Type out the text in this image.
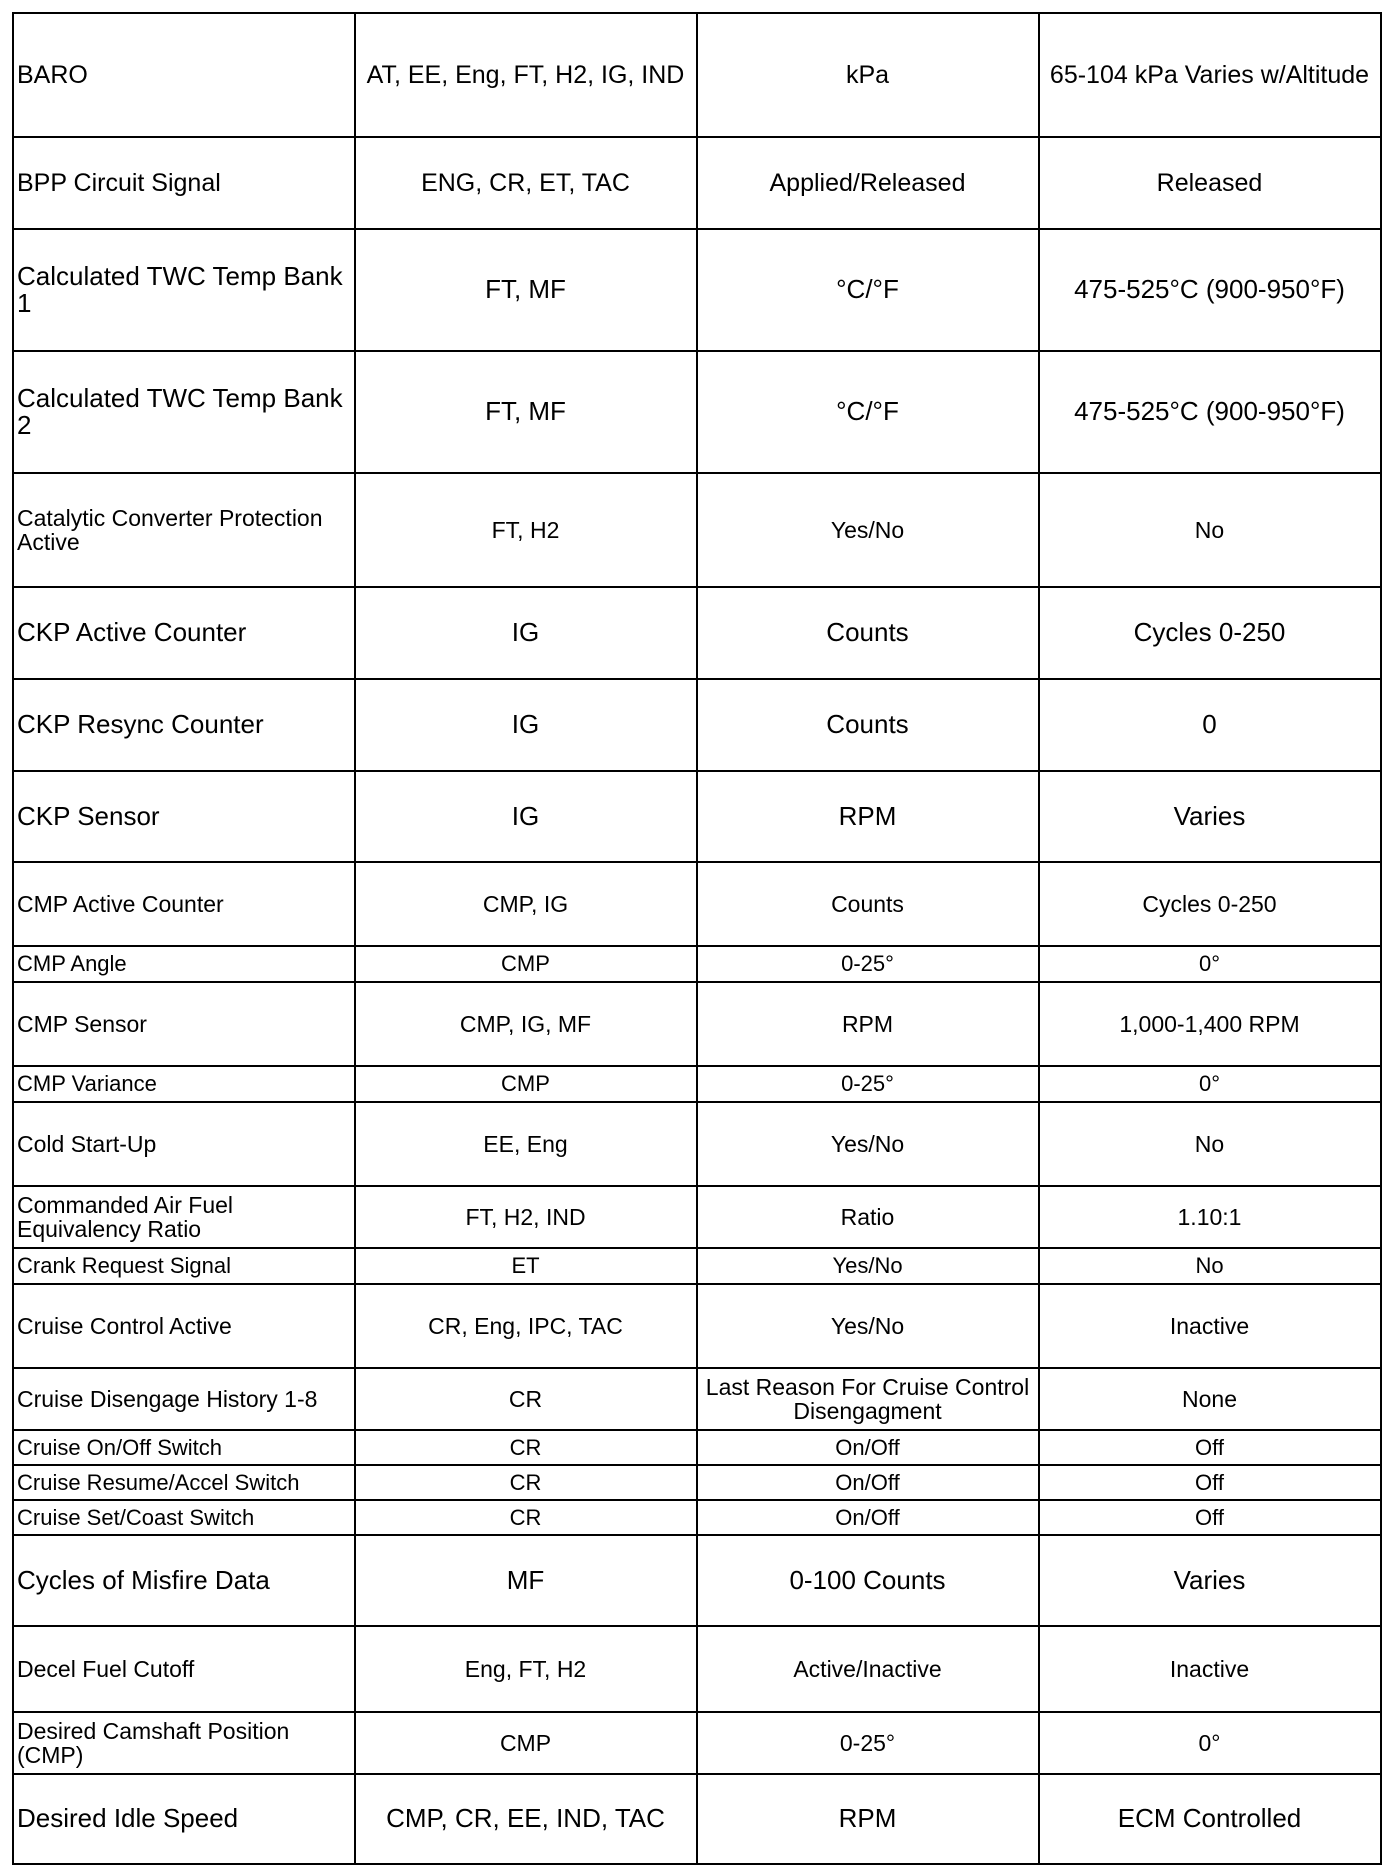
BARO	AT, EE, Eng, FT, H2, IG, IND	kPa	65-104 kPa Varies w/Altitude
BPP Circuit Signal	ENG, CR, ET, TAC	Applied/Released	Released
Calculated TWC Temp Bank 1	FT, MF	°C/°F	475-525°C (900-950°F)
Calculated TWC Temp Bank 2	FT, MF	°C/°F	475-525°C (900-950°F)
Catalytic Converter Protection Active	FT, H2	Yes/No	No
CKP Active Counter	IG	Counts	Cycles 0-250
CKP Resync Counter	IG	Counts	0
CKP Sensor	IG	RPM	Varies
CMP Active Counter	CMP, IG	Counts	Cycles 0-250
CMP Angle	CMP	0-25°	0°
CMP Sensor	CMP, IG, MF	RPM	1,000-1,400 RPM
CMP Variance	CMP	0-25°	0°
Cold Start-Up	EE, Eng	Yes/No	No
Commanded Air Fuel Equivalency Ratio	FT, H2, IND	Ratio	1.10:1
Crank Request Signal	ET	Yes/No	No
Cruise Control Active	CR, Eng, IPC, TAC	Yes/No	Inactive
Cruise Disengage History 1-8	CR	Last Reason For Cruise Control Disengagment	None
Cruise On/Off Switch	CR	On/Off	Off
Cruise Resume/Accel Switch	CR	On/Off	Off
Cruise Set/Coast Switch	CR	On/Off	Off
Cycles of Misfire Data	MF	0-100 Counts	Varies
Decel Fuel Cutoff	Eng, FT, H2	Active/Inactive	Inactive
Desired Camshaft Position (CMP)	CMP	0-25°	0°
Desired Idle Speed	CMP, CR, EE, IND, TAC	RPM	ECM Controlled
